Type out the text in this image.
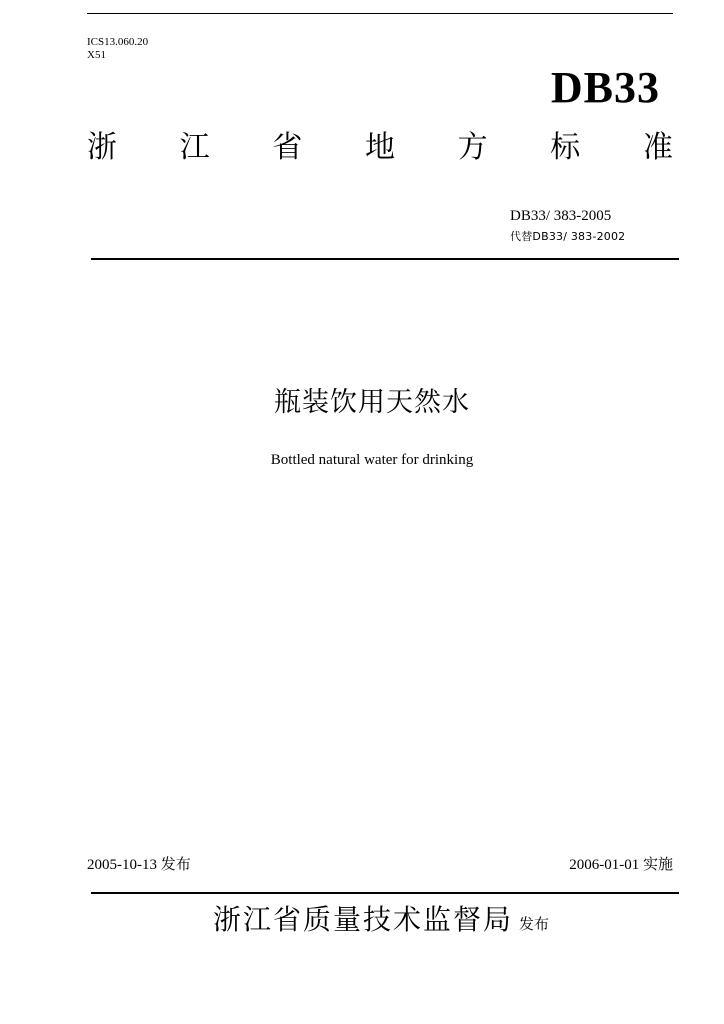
ICS13.060.20
X51
DB33
浙 江 省 地 方 标 准
DB33/ 383-2005
代替DB33/ 383-2002
瓶装饮用天然水
Bottled natural water for drinking
2005-10-13 发布	2006-01-01 实施
浙江省质量技术监督局 发布
